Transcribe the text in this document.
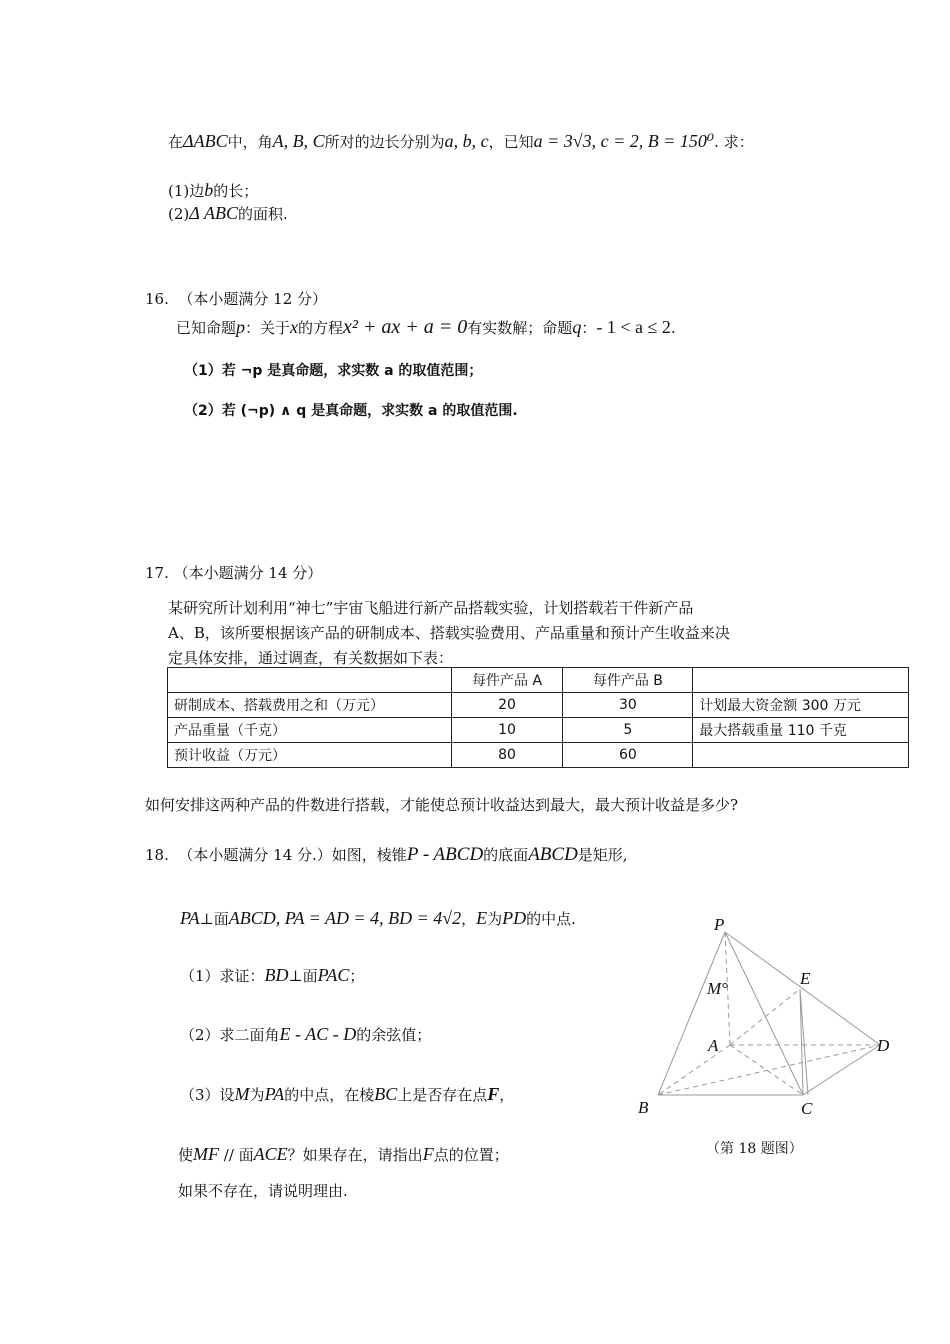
在ΔABC中，角A, B, C所对的边长分别为a, b, c，已知a = 3√3, c = 2, B = 150⁰. 求：
(1)边b的长；
(2)Δ ABC的面积.
16. （本小题满分 12 分）
已知命题p：关于x的方程x² + ax + a = 0有实数解；命题q：- 1 < a ≤ 2.
（1）若 ¬p 是真命题，求实数 a 的取值范围；
（2）若 (¬p) ∧ q 是真命题，求实数 a 的取值范围.
17. （本小题满分 14 分）
某研究所计划利用“神七”宇宙飞船进行新产品搭载实验，计划搭载若干件新产品
A、B，该所要根据该产品的研制成本、搭载实验费用、产品重量和预计产生收益来决
定具体安排，通过调查，有关数据如下表：
	每件产品 A	每件产品 B	
研制成本、搭载费用之和（万元）	20	30	计划最大资金额 300 万元
产品重量（千克）	10	5	最大搭载重量 110 千克
预计收益（万元）	80	60	
如何安排这两种产品的件数进行搭载，才能使总预计收益达到最大，最大预计收益是多少?
18. （本小题满分 14 分.）如图，棱锥P - ABCD的底面ABCD是矩形,
PA⊥面ABCD, PA = AD = 4, BD = 4√2，E为PD的中点.
（1）求证：BD⊥面PAC；
（2）求二面角E - AC - D的余弦值；
（3）设M为PA的中点，在棱BC上是否存在点F，
使MF // 面ACE？如果存在，请指出F点的位置；
如果不存在，请说明理由.
P
M°
E
A	D
B	C
（第 18 题图）
